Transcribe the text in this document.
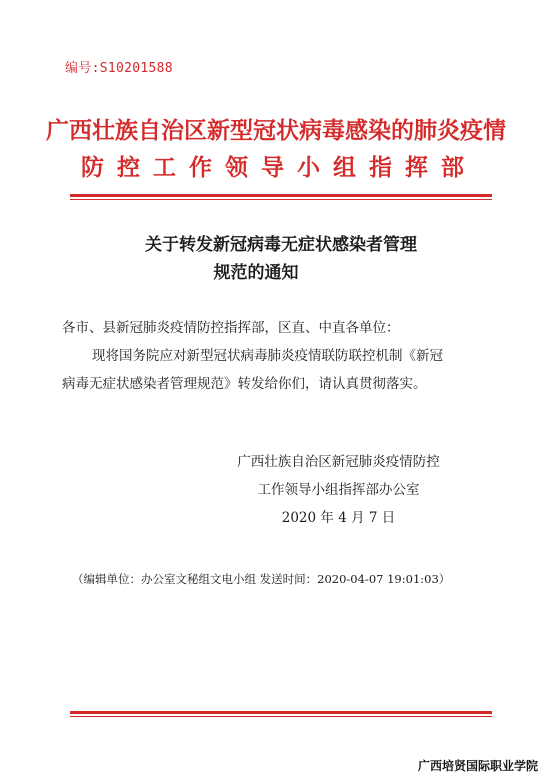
编号:S10201588
广西壮族自治区新型冠状病毒感染的肺炎疫情
防控工作领导小组指挥部
关于转发新冠病毒无症状感染者管理
规范的通知
各市、县新冠肺炎疫情防控指挥部，区直、中直各单位：
现将国务院应对新型冠状病毒肺炎疫情联防联控机制《新冠
病毒无症状感染者管理规范》转发给你们，请认真贯彻落实。
广西壮族自治区新冠肺炎疫情防控
工作领导小组指挥部办公室
2020 年 4 月 7 日
（编辑单位：办公室文秘组文电小组 发送时间：2020-04-07 19:01:03）
广西培贤国际职业学院
